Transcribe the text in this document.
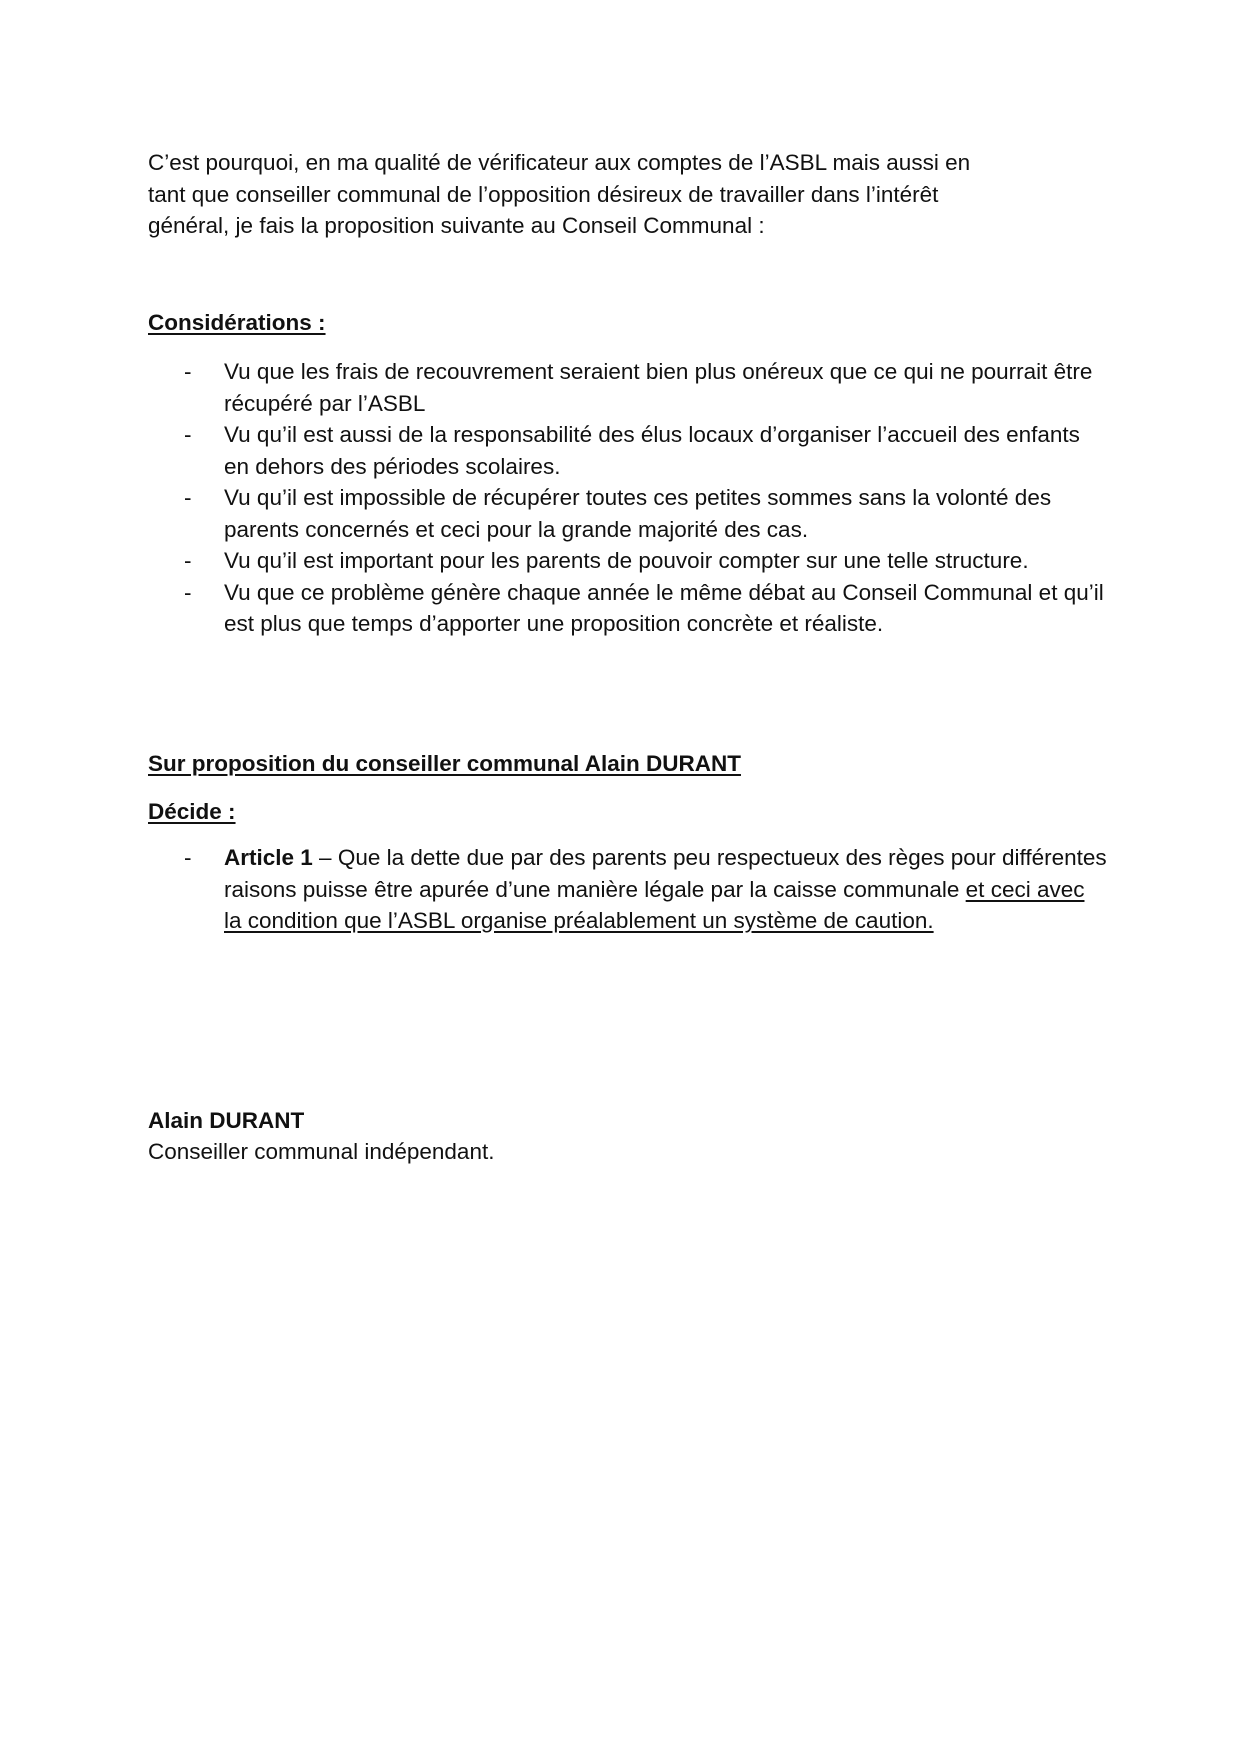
C’est pourquoi, en ma qualité de vérificateur aux comptes de l’ASBL mais aussi en
tant que conseiller communal de l’opposition désireux de travailler dans l’intérêt
général, je fais la proposition suivante au Conseil Communal :
Considérations :
- Vu que les frais de recouvrement seraient bien plus onéreux que ce qui ne pourrait être récupéré par l’ASBL
- Vu qu’il est aussi de la responsabilité des élus locaux d’organiser l’accueil des enfants en dehors des périodes scolaires.
- Vu qu’il est impossible de récupérer toutes ces petites sommes sans la volonté des parents concernés et ceci pour la grande majorité des cas.
- Vu qu’il est important pour les parents de pouvoir compter sur une telle structure.
- Vu que ce problème génère chaque année le même débat au Conseil Communal et qu’il est plus que temps d’apporter une proposition concrète et réaliste.
Sur proposition du conseiller communal Alain DURANT
Décide :
- Article 1 – Que la dette due par des parents peu respectueux des règes pour différentes raisons puisse être apurée d’une manière légale par la caisse communale et ceci avec la condition que l’ASBL organise préalablement un système de caution.
Alain DURANT
Conseiller communal indépendant.
